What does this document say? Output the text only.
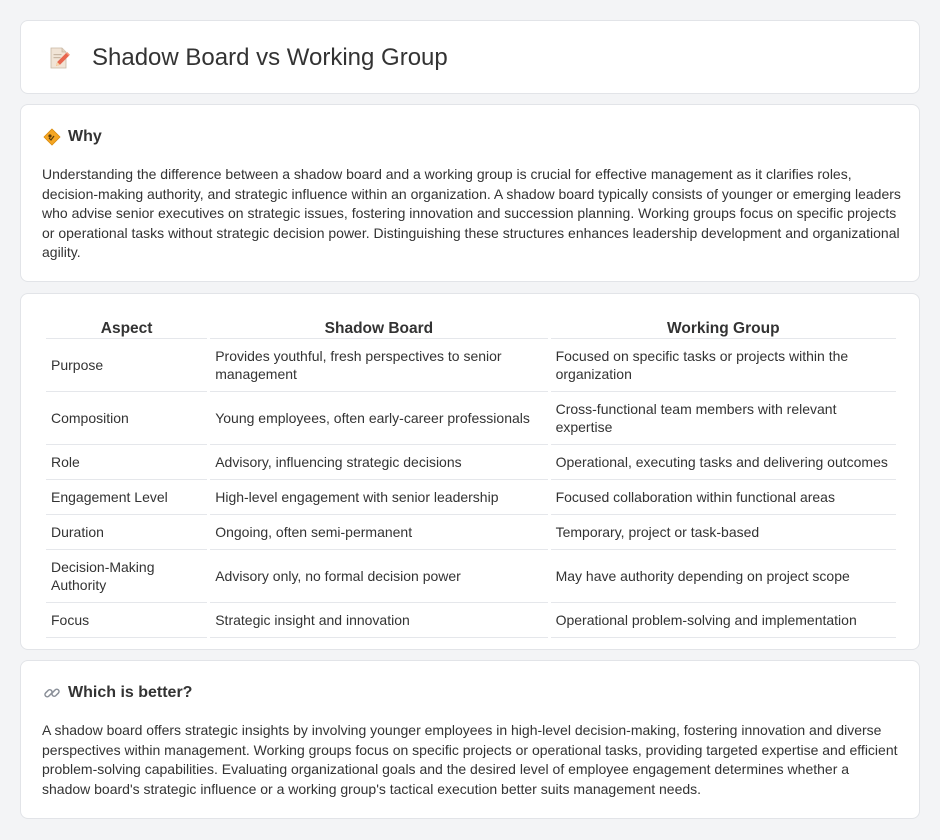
Shadow Board vs Working Group
Why

Understanding the difference between a shadow board and a working group is crucial for effective management as it clarifies roles, decision-making authority, and strategic influence within an organization. A shadow board typically consists of younger or emerging leaders who advise senior executives on strategic issues, fostering innovation and succession planning. Working groups focus on specific projects or operational tasks without strategic decision power. Distinguishing these structures enhances leadership development and organizational agility.

Aspect	Shadow Board	Working Group
Purpose	Provides youthful, fresh perspectives to senior management	Focused on specific tasks or projects within the organization
Composition	Young employees, often early-career professionals	Cross-functional team members with relevant expertise
Role	Advisory, influencing strategic decisions	Operational, executing tasks and delivering outcomes
Engagement Level	High-level engagement with senior leadership	Focused collaboration within functional areas
Duration	Ongoing, often semi-permanent	Temporary, project or task-based
Decision-Making Authority	Advisory only, no formal decision power	May have authority depending on project scope
Focus	Strategic insight and innovation	Operational problem-solving and implementation
Which is better?

A shadow board offers strategic insights by involving younger employees in high-level decision-making, fostering innovation and diverse perspectives within management. Working groups focus on specific projects or operational tasks, providing targeted expertise and efficient problem-solving capabilities. Evaluating organizational goals and the desired level of employee engagement determines whether a shadow board's strategic influence or a working group's tactical execution better suits management needs.
